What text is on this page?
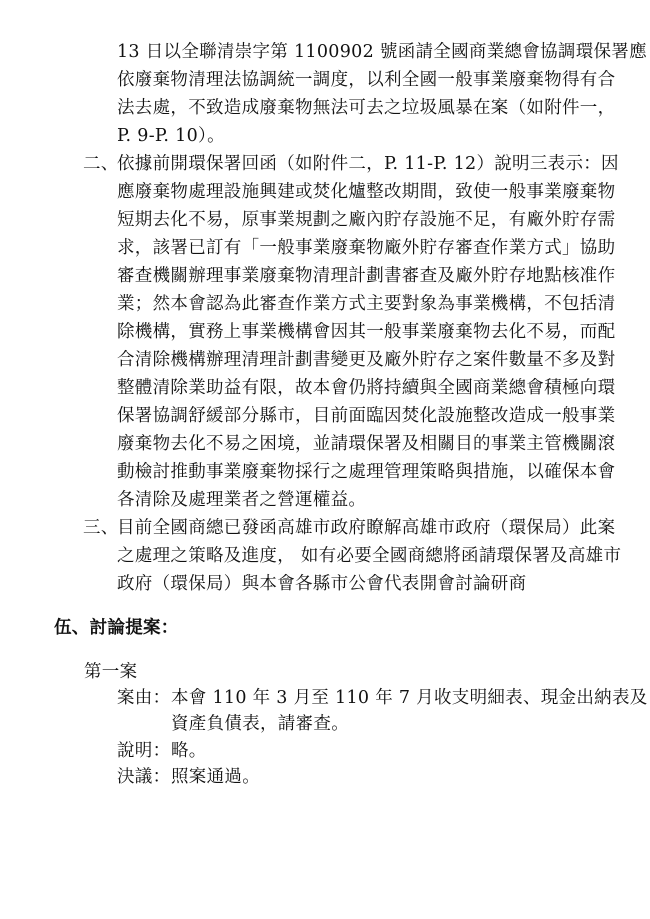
13 日以全聯清崇字第 1100902 號函請全國商業總會協調環保署應
依廢棄物清理法協調統一調度，以利全國一般事業廢棄物得有合
法去處，不致造成廢棄物無法可去之垃圾風暴在案（如附件一，
P. 9-P. 10）。
二、
依據前開環保署回函（如附件二，P. 11-P. 12）說明三表示：因
應廢棄物處理設施興建或焚化爐整改期間，致使一般事業廢棄物
短期去化不易，原事業規劃之廠內貯存設施不足，有廠外貯存需
求，該署已訂有「一般事業廢棄物廠外貯存審查作業方式」協助
審查機關辦理事業廢棄物清理計劃書審查及廠外貯存地點核准作
業；然本會認為此審查作業方式主要對象為事業機構，不包括清
除機構，實務上事業機構會因其一般事業廢棄物去化不易，而配
合清除機構辦理清理計劃書變更及廠外貯存之案件數量不多及對
整體清除業助益有限，故本會仍將持續與全國商業總會積極向環
保署協調舒緩部分縣市，目前面臨因焚化設施整改造成一般事業
廢棄物去化不易之困境，並請環保署及相關目的事業主管機關滾
動檢討推動事業廢棄物採行之處理管理策略與措施，以確保本會
各清除及處理業者之營運權益。
三、
目前全國商總已發函高雄市政府瞭解高雄市政府（環保局）此案
之處理之策略及進度， 如有必要全國商總將函請環保署及高雄市
政府（環保局）與本會各縣市公會代表開會討論研商
伍、討論提案：
第一案
案由： 本會 110 年 3 月至 110 年 7 月收支明細表、現金出納表及
資產負債表，請審查。
說明： 略。
決議： 照案通過。
